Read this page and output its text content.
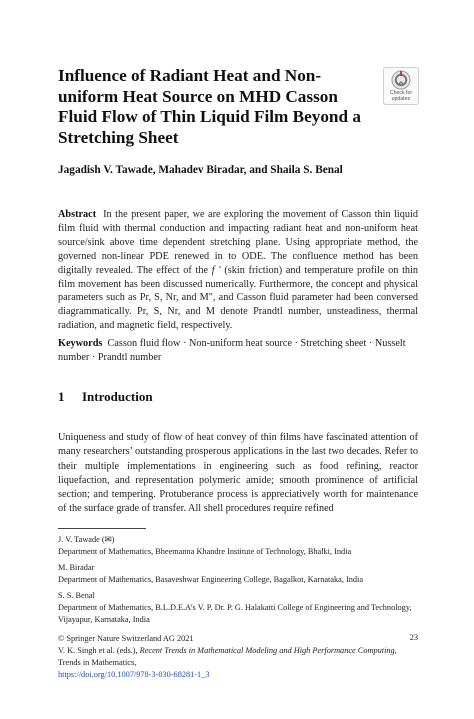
Influence of Radiant Heat and Non-uniform Heat Source on MHD Casson Fluid Flow of Thin Liquid Film Beyond a Stretching Sheet
Check for
updates

Jagadish V. Tawade, Mahadev Biradar, and Shaila S. Benal

Abstract In the present paper, we are exploring the movement of Casson thin liquid film fluid with thermal conduction and impacting radiant heat and non-uniform heat source/sink above time dependent stretching plane. Using appropriate method, the governed non-linear PDE renewed in to ODE. The confluence method has been digitally revealed. The effect of the f ′ (skin friction) and temperature profile on thin film movement has been discussed numerically. Furthermore, the concept and physical parameters such as Pr, S, Nr, and M", and Casson fluid parameter had been conversed diagrammatically. Pr, S, Nr, and M denote Prandtl number, unsteadiness, thermal radiation, and magnetic field, respectively.

Keywords Casson fluid flow · Non-uniform heat source · Stretching sheet · Nusselt number · Prandtl number

1 Introduction

Uniqueness and study of flow of heat convey of thin films have fascinated attention of many researchers’ outstanding prosperous applications in the last two decades. Refer to their multiple implementations in engineering such as food refining, reactor liquefaction, and representation polymeric amide; smooth prominence of artificial section; and tempering. Protuberance process is appreciatively worth for maintenance of the surface grade of transfer. All shell procedures require refined

J. V. Tawade (✉)
Department of Mathematics, Bheemanna Khandre Institute of Technology, Bhalki, India

M. Biradar
Department of Mathematics, Basaveshwar Engineering College, Bagalkot, Karnataka, India

S. S. Benal
Department of Mathematics, B.L.D.E.A’s V. P. Dr. P. G. Halakatti College of Engineering and Technology, Vijayapur, Karnataka, India

© Springer Nature Switzerland AG 2021
V. K. Singh et al. (eds.), Recent Trends in Mathematical Modeling and High Performance Computing, Trends in Mathematics,
https://doi.org/10.1007/978-3-030-68281-1_3

23
